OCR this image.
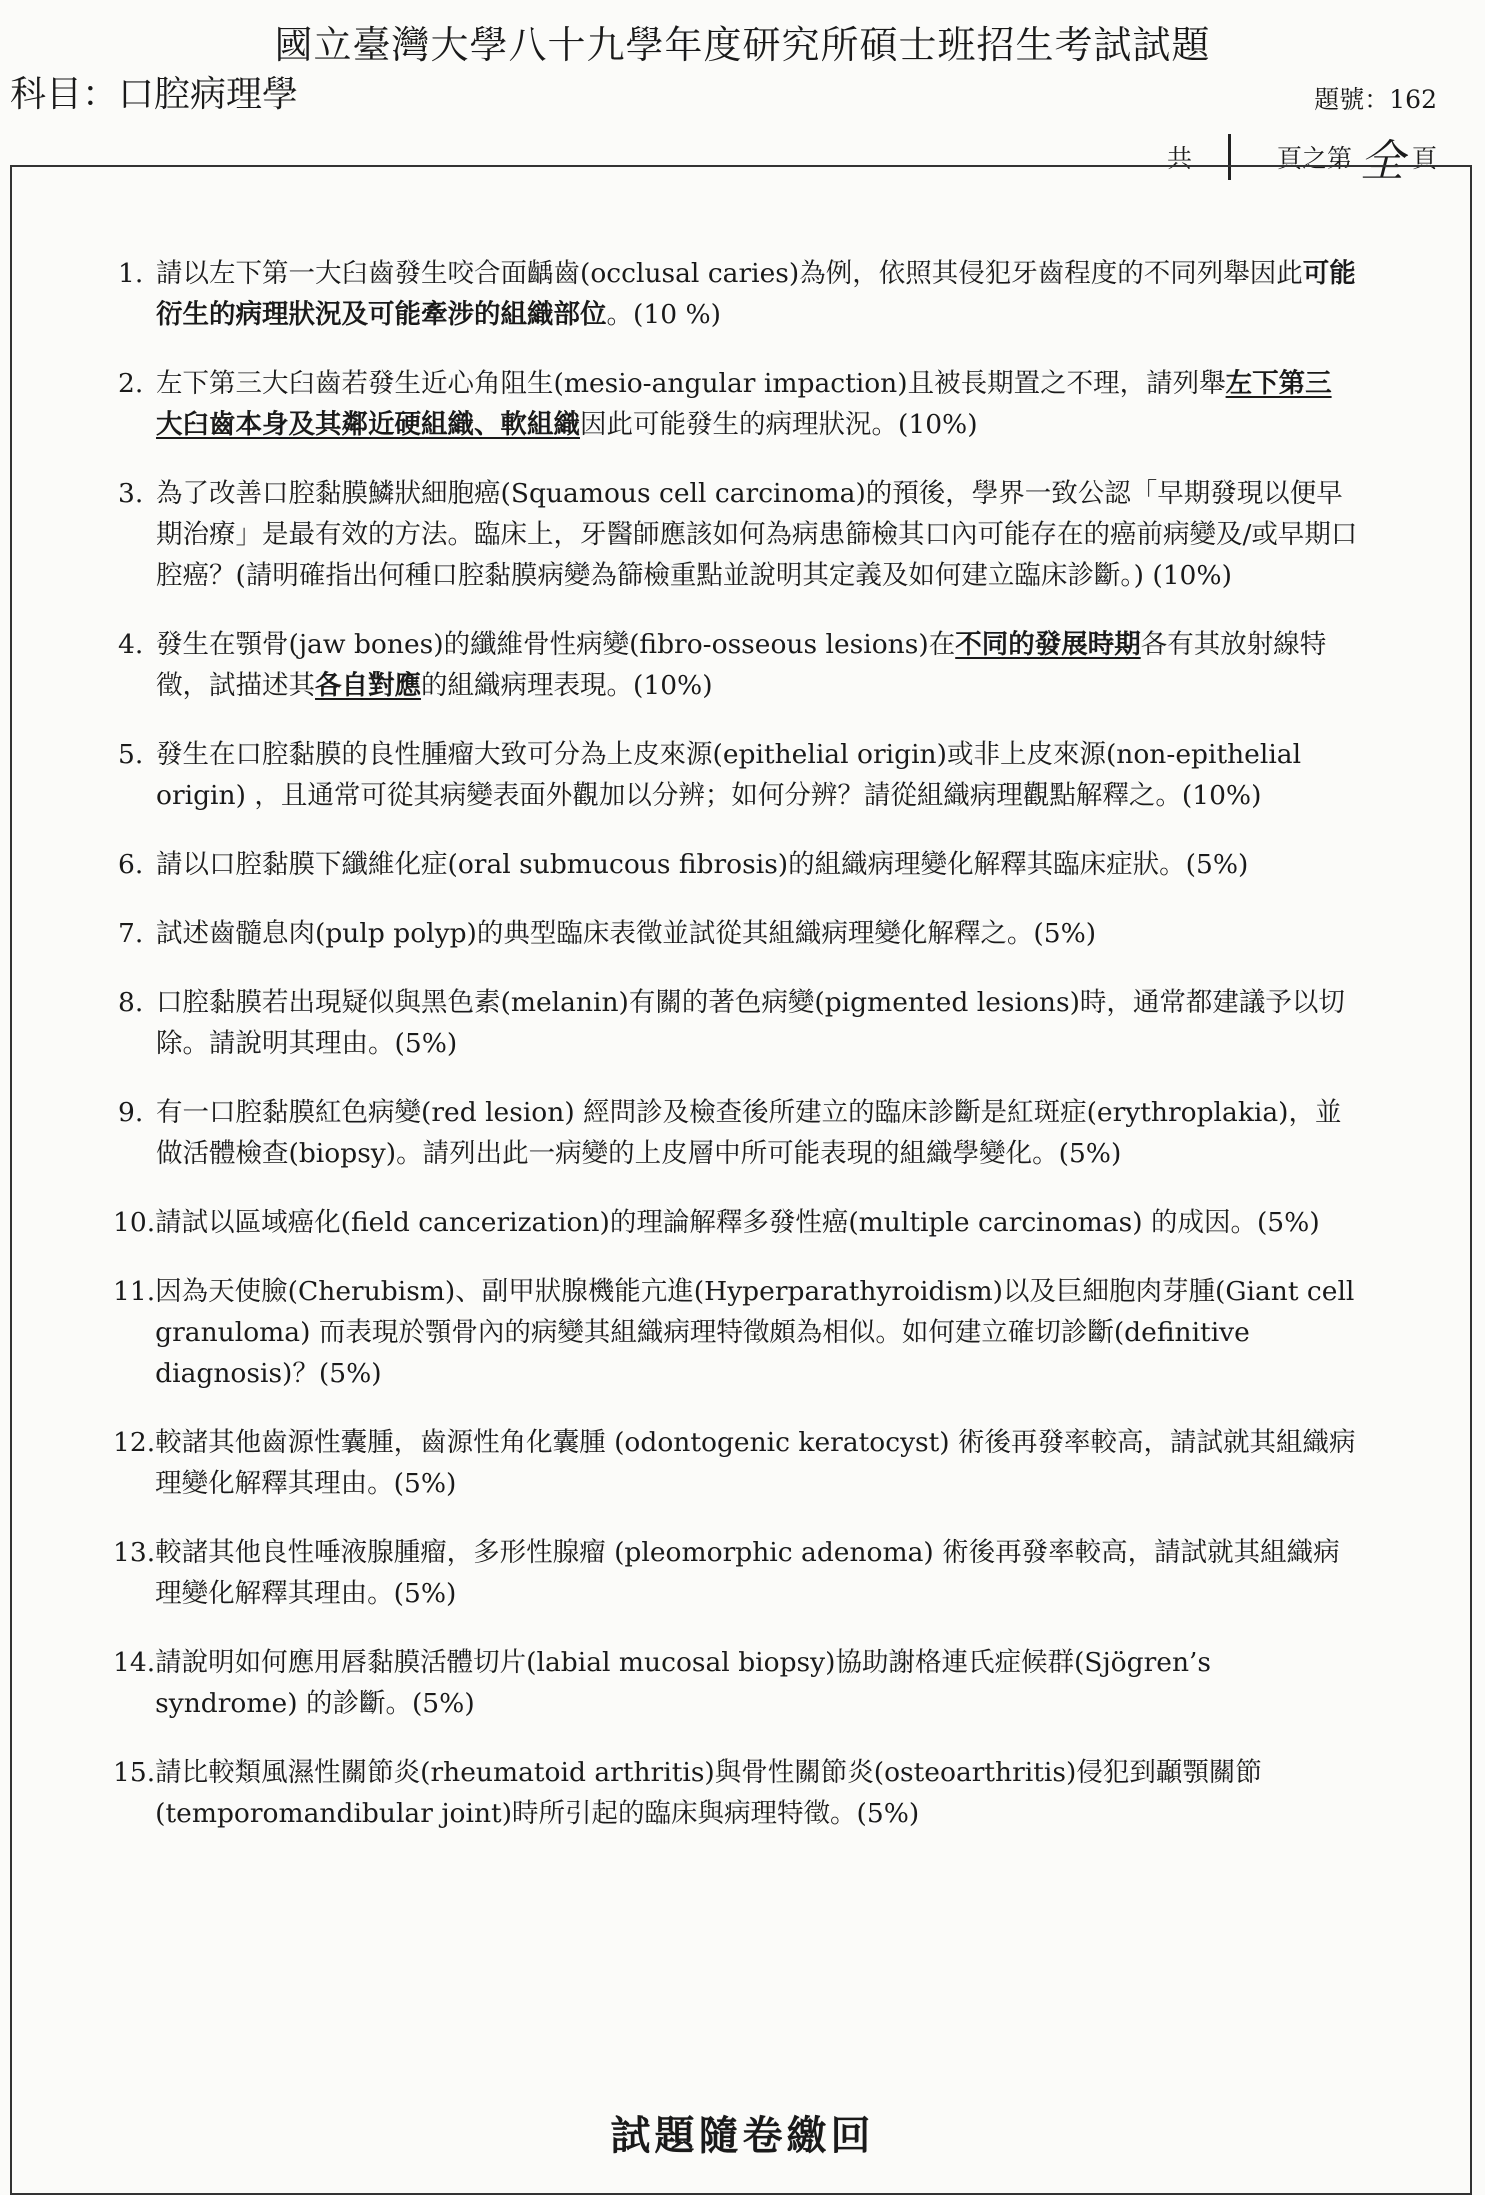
國立臺灣大學八十九學年度研究所碩士班招生考試試題
科目：口腔病理學	題號：162
共	頁之第 全 頁
1. 請以左下第一大臼齒發生咬合面齲齒(occlusal caries)為例，依照其侵犯牙齒程度的不同列舉因此可能衍生的病理狀況及可能牽涉的組織部位。(10 %)
2. 左下第三大臼齒若發生近心角阻生(mesio-angular impaction)且被長期置之不理，請列舉左下第三大臼齒本身及其鄰近硬組織、軟組織因此可能發生的病理狀況。(10%)
3. 為了改善口腔黏膜鱗狀細胞癌(Squamous cell carcinoma)的預後，學界一致公認「早期發現以便早期治療」是最有效的方法。臨床上，牙醫師應該如何為病患篩檢其口內可能存在的癌前病變及/或早期口腔癌？(請明確指出何種口腔黏膜病變為篩檢重點並說明其定義及如何建立臨床診斷。) (10%)
4. 發生在顎骨(jaw bones)的纖維骨性病變(fibro-osseous lesions)在不同的發展時期各有其放射線特徵，試描述其各自對應的組織病理表現。(10%)
5. 發生在口腔黏膜的良性腫瘤大致可分為上皮來源(epithelial origin)或非上皮來源(non-epithelial origin) ，且通常可從其病變表面外觀加以分辨；如何分辨？請從組織病理觀點解釋之。(10%)
6. 請以口腔黏膜下纖維化症(oral submucous fibrosis)的組織病理變化解釋其臨床症狀。(5%)
7. 試述齒髓息肉(pulp polyp)的典型臨床表徵並試從其組織病理變化解釋之。(5%)
8. 口腔黏膜若出現疑似與黑色素(melanin)有關的著色病變(pigmented lesions)時，通常都建議予以切除。請說明其理由。(5%)
9. 有一口腔黏膜紅色病變(red lesion) 經問診及檢查後所建立的臨床診斷是紅斑症(erythroplakia)，並做活體檢查(biopsy)。請列出此一病變的上皮層中所可能表現的組織學變化。(5%)
10. 請試以區域癌化(field cancerization)的理論解釋多發性癌(multiple carcinomas) 的成因。(5%)
11. 因為天使臉(Cherubism)、副甲狀腺機能亢進(Hyperparathyroidism)以及巨細胞肉芽腫(Giant cell granuloma) 而表現於顎骨內的病變其組織病理特徵頗為相似。如何建立確切診斷(definitive diagnosis)？(5%)
12. 較諸其他齒源性囊腫，齒源性角化囊腫 (odontogenic keratocyst) 術後再發率較高，請試就其組織病理變化解釋其理由。(5%)
13. 較諸其他良性唾液腺腫瘤，多形性腺瘤 (pleomorphic adenoma) 術後再發率較高，請試就其組織病理變化解釋其理由。(5%)
14. 請說明如何應用唇黏膜活體切片(labial mucosal biopsy)協助謝格連氏症候群(Sjögren’s syndrome) 的診斷。(5%)
15. 請比較類風濕性關節炎(rheumatoid arthritis)與骨性關節炎(osteoarthritis)侵犯到顳顎關節(temporomandibular joint)時所引起的臨床與病理特徵。(5%)
試題隨卷繳回
